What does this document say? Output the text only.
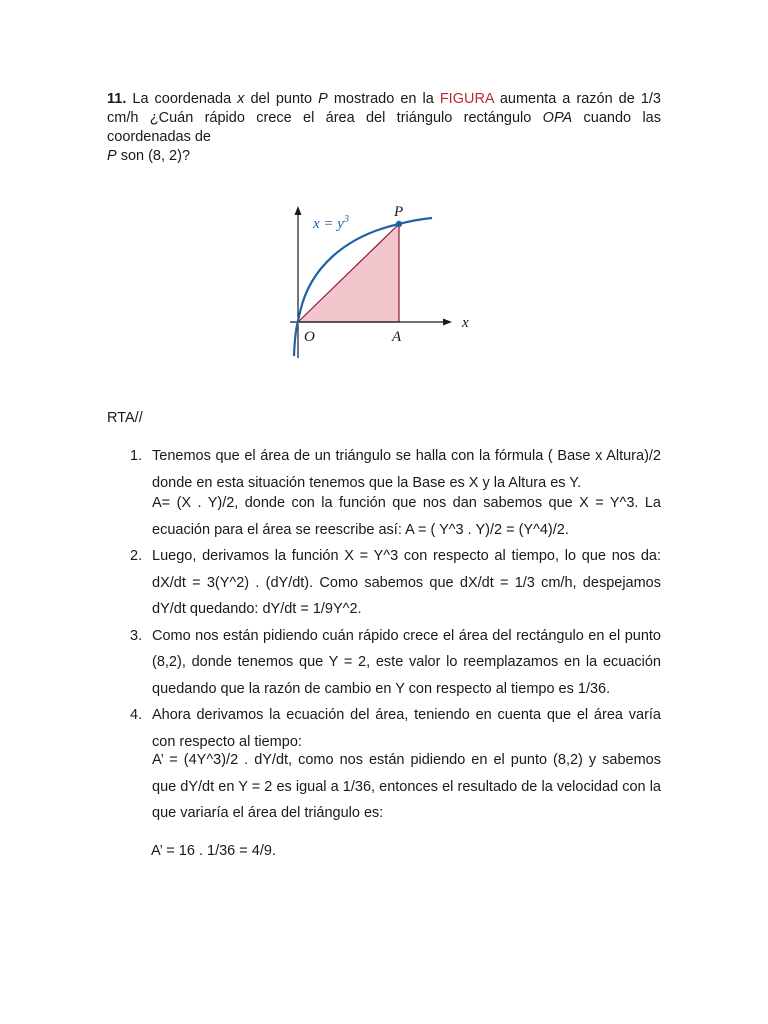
11. La coordenada x del punto P mostrado en la FIGURA aumenta a razón de 1/3 cm/h ¿Cuán rápido crece el área del triángulo rectángulo OPA cuando las coordenadas de

P son (8, 2)?

$x = y^3$	P
O	A
x
RTA//
1. Tenemos que el área de un triángulo se halla con la fórmula ( Base x Altura)/2 donde en esta situación tenemos que la Base es X y la Altura es Y.
A= (X . Y)/2, donde con la función que nos dan sabemos que X = Y^3. La ecuación para el área se reescribe así: A = ( Y^3 . Y)/2 = (Y^4)/2.
2. Luego, derivamos la función X = Y^3 con respecto al tiempo, lo que nos da: dX/dt = 3(Y^2) . (dY/dt). Como sabemos que dX/dt = 1/3 cm/h, despejamos dY/dt quedando: dY/dt = 1/9Y^2.
3. Como nos están pidiendo cuán rápido crece el área del rectángulo en el punto (8,2), donde tenemos que Y = 2, este valor lo reemplazamos en la ecuación quedando que la razón de cambio en Y con respecto al tiempo es 1/36.
4. Ahora derivamos la ecuación del área, teniendo en cuenta que el área varía con respecto al tiempo:
A’ = (4Y^3)/2 . dY/dt, como nos están pidiendo en el punto (8,2) y sabemos que dY/dt en Y = 2 es igual a 1/36, entonces el resultado de la velocidad con la que variaría el área del triángulo es:
A’ = 16 . 1/36 = 4/9.
